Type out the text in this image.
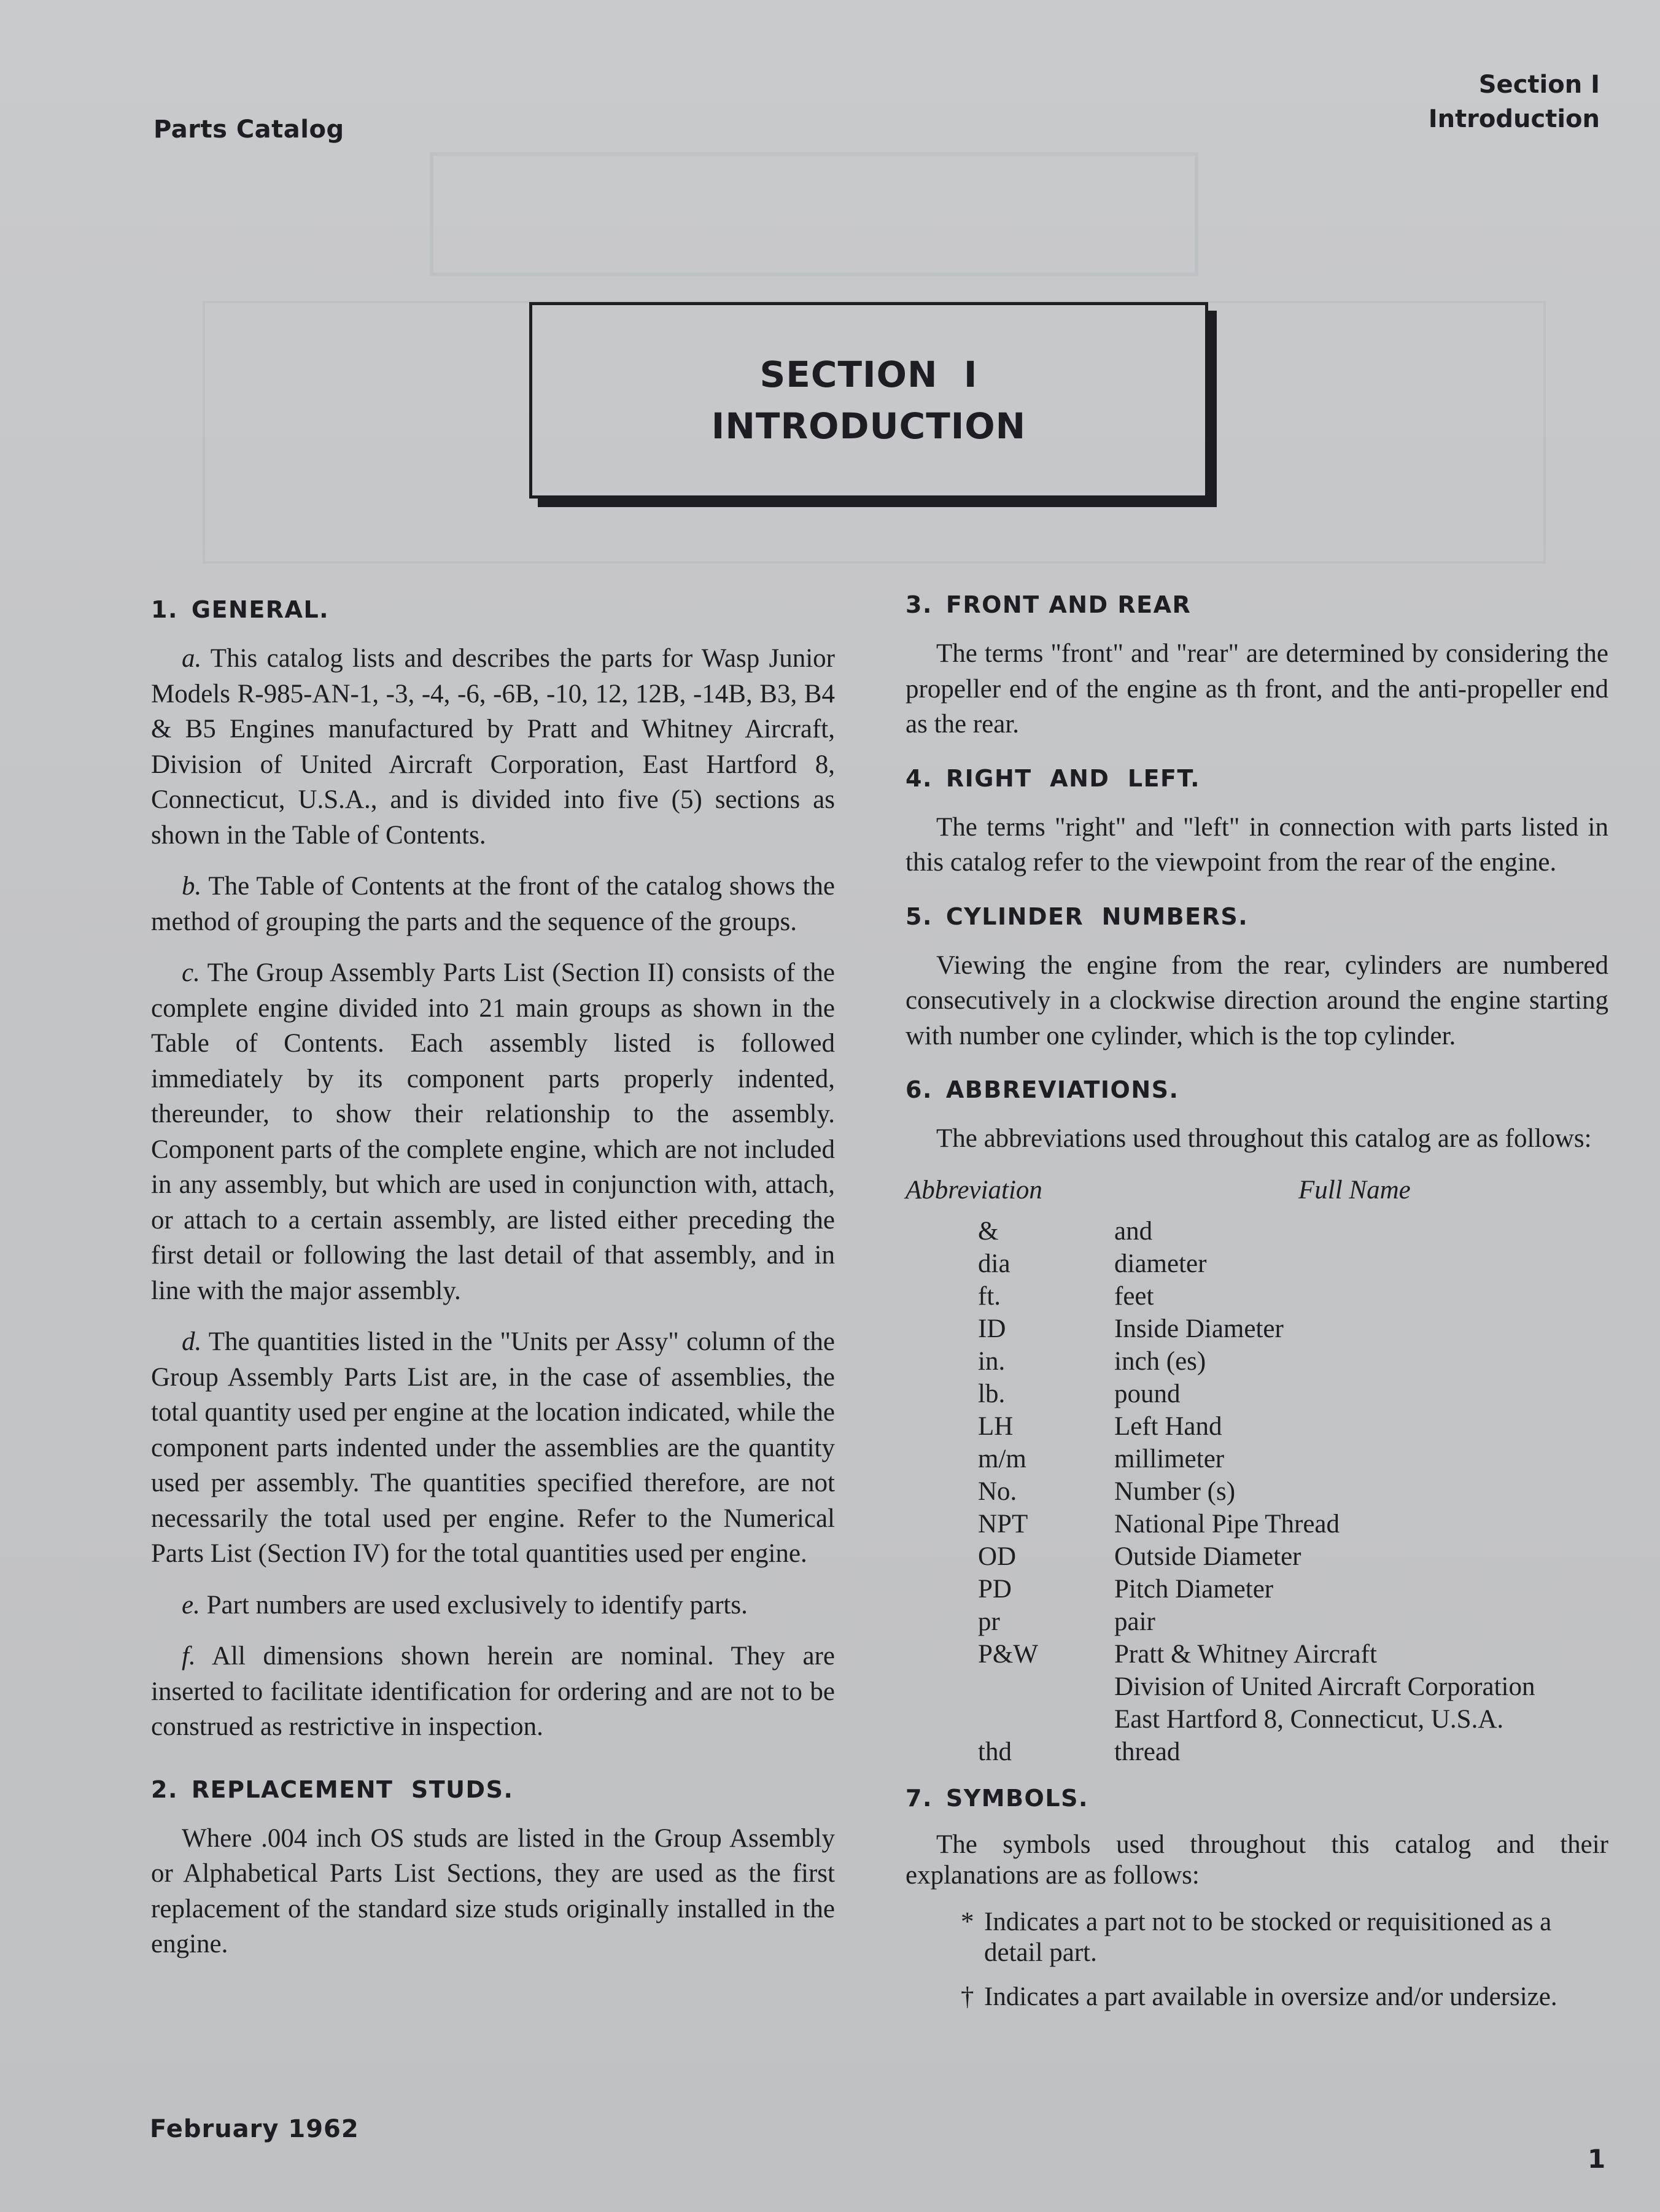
Parts Catalog
Section I
Introduction
SECTION  I
INTRODUCTION
1. GENERAL.

a. This catalog lists and describes the parts for Wasp Junior Models R-985-AN-1, -3, -4, -6, -6B, -10, 12, 12B, -14B, B3, B4 & B5 Engines manufactured by Pratt and Whitney Aircraft, Division of United Aircraft Corporation, East Hartford 8, Connecticut, U.S.A., and is divided into five (5) sections as shown in the Table of Contents.

b. The Table of Contents at the front of the catalog shows the method of grouping the parts and the sequence of the groups.

c. The Group Assembly Parts List (Section II) consists of the complete engine divided into 21 main groups as shown in the Table of Contents. Each assembly listed is followed immediately by its component parts properly indented, thereunder, to show their relationship to the assembly. Component parts of the complete engine, which are not included in any assembly, but which are used in conjunction with, attach, or attach to a certain assembly, are listed either preceding the first detail or following the last detail of that assembly, and in line with the major assembly.

d. The quantities listed in the "Units per Assy" column of the Group Assembly Parts List are, in the case of assemblies, the total quantity used per engine at the location indicated, while the component parts indented under the assemblies are the quantity used per assembly. The quantities specified therefore, are not necessarily the total used per engine. Refer to the Numerical Parts List (Section IV) for the total quantities used per engine.

e. Part numbers are used exclusively to identify parts.

f. All dimensions shown herein are nominal. They are inserted to facilitate identification for ordering and are not to be construed as restrictive in inspection.

2. REPLACEMENT  STUDS.

Where .004 inch OS studs are listed in the Group Assembly or Alphabetical Parts List Sections, they are used as the first replacement of the standard size studs originally installed in the engine.

3. FRONT AND REAR

The terms "front" and "rear" are determined by considering the propeller end of the engine as th front, and the anti-propeller end as the rear.

4. RIGHT  AND  LEFT.

The terms "right" and "left" in connection with parts listed in this catalog refer to the viewpoint from the rear of the engine.

5. CYLINDER  NUMBERS.

Viewing the engine from the rear, cylinders are numbered consecutively in a clockwise direction around the engine starting with number one cylinder, which is the top cylinder.

6. ABBREVIATIONS.

The abbreviations used throughout this catalog are as follows:

Abbreviation	Full Name
&	and
dia	diameter
ft.	feet
ID	Inside Diameter
in.	inch (es)
lb.	pound
LH	Left Hand
m/m	millimeter
No.	Number (s)
NPT	National Pipe Thread
OD	Outside Diameter
PD	Pitch Diameter
pr	pair
P&W	Pratt & Whitney Aircraft
Division of United Aircraft Corporation
East Hartford 8, Connecticut, U.S.A.
thd	thread
7. SYMBOLS.

The symbols used throughout this catalog and their explanations are as follows:

* Indicates a part not to be stocked or requisitioned as a detail part.
† Indicates a part available in oversize and/or undersize.
February 1962
1
